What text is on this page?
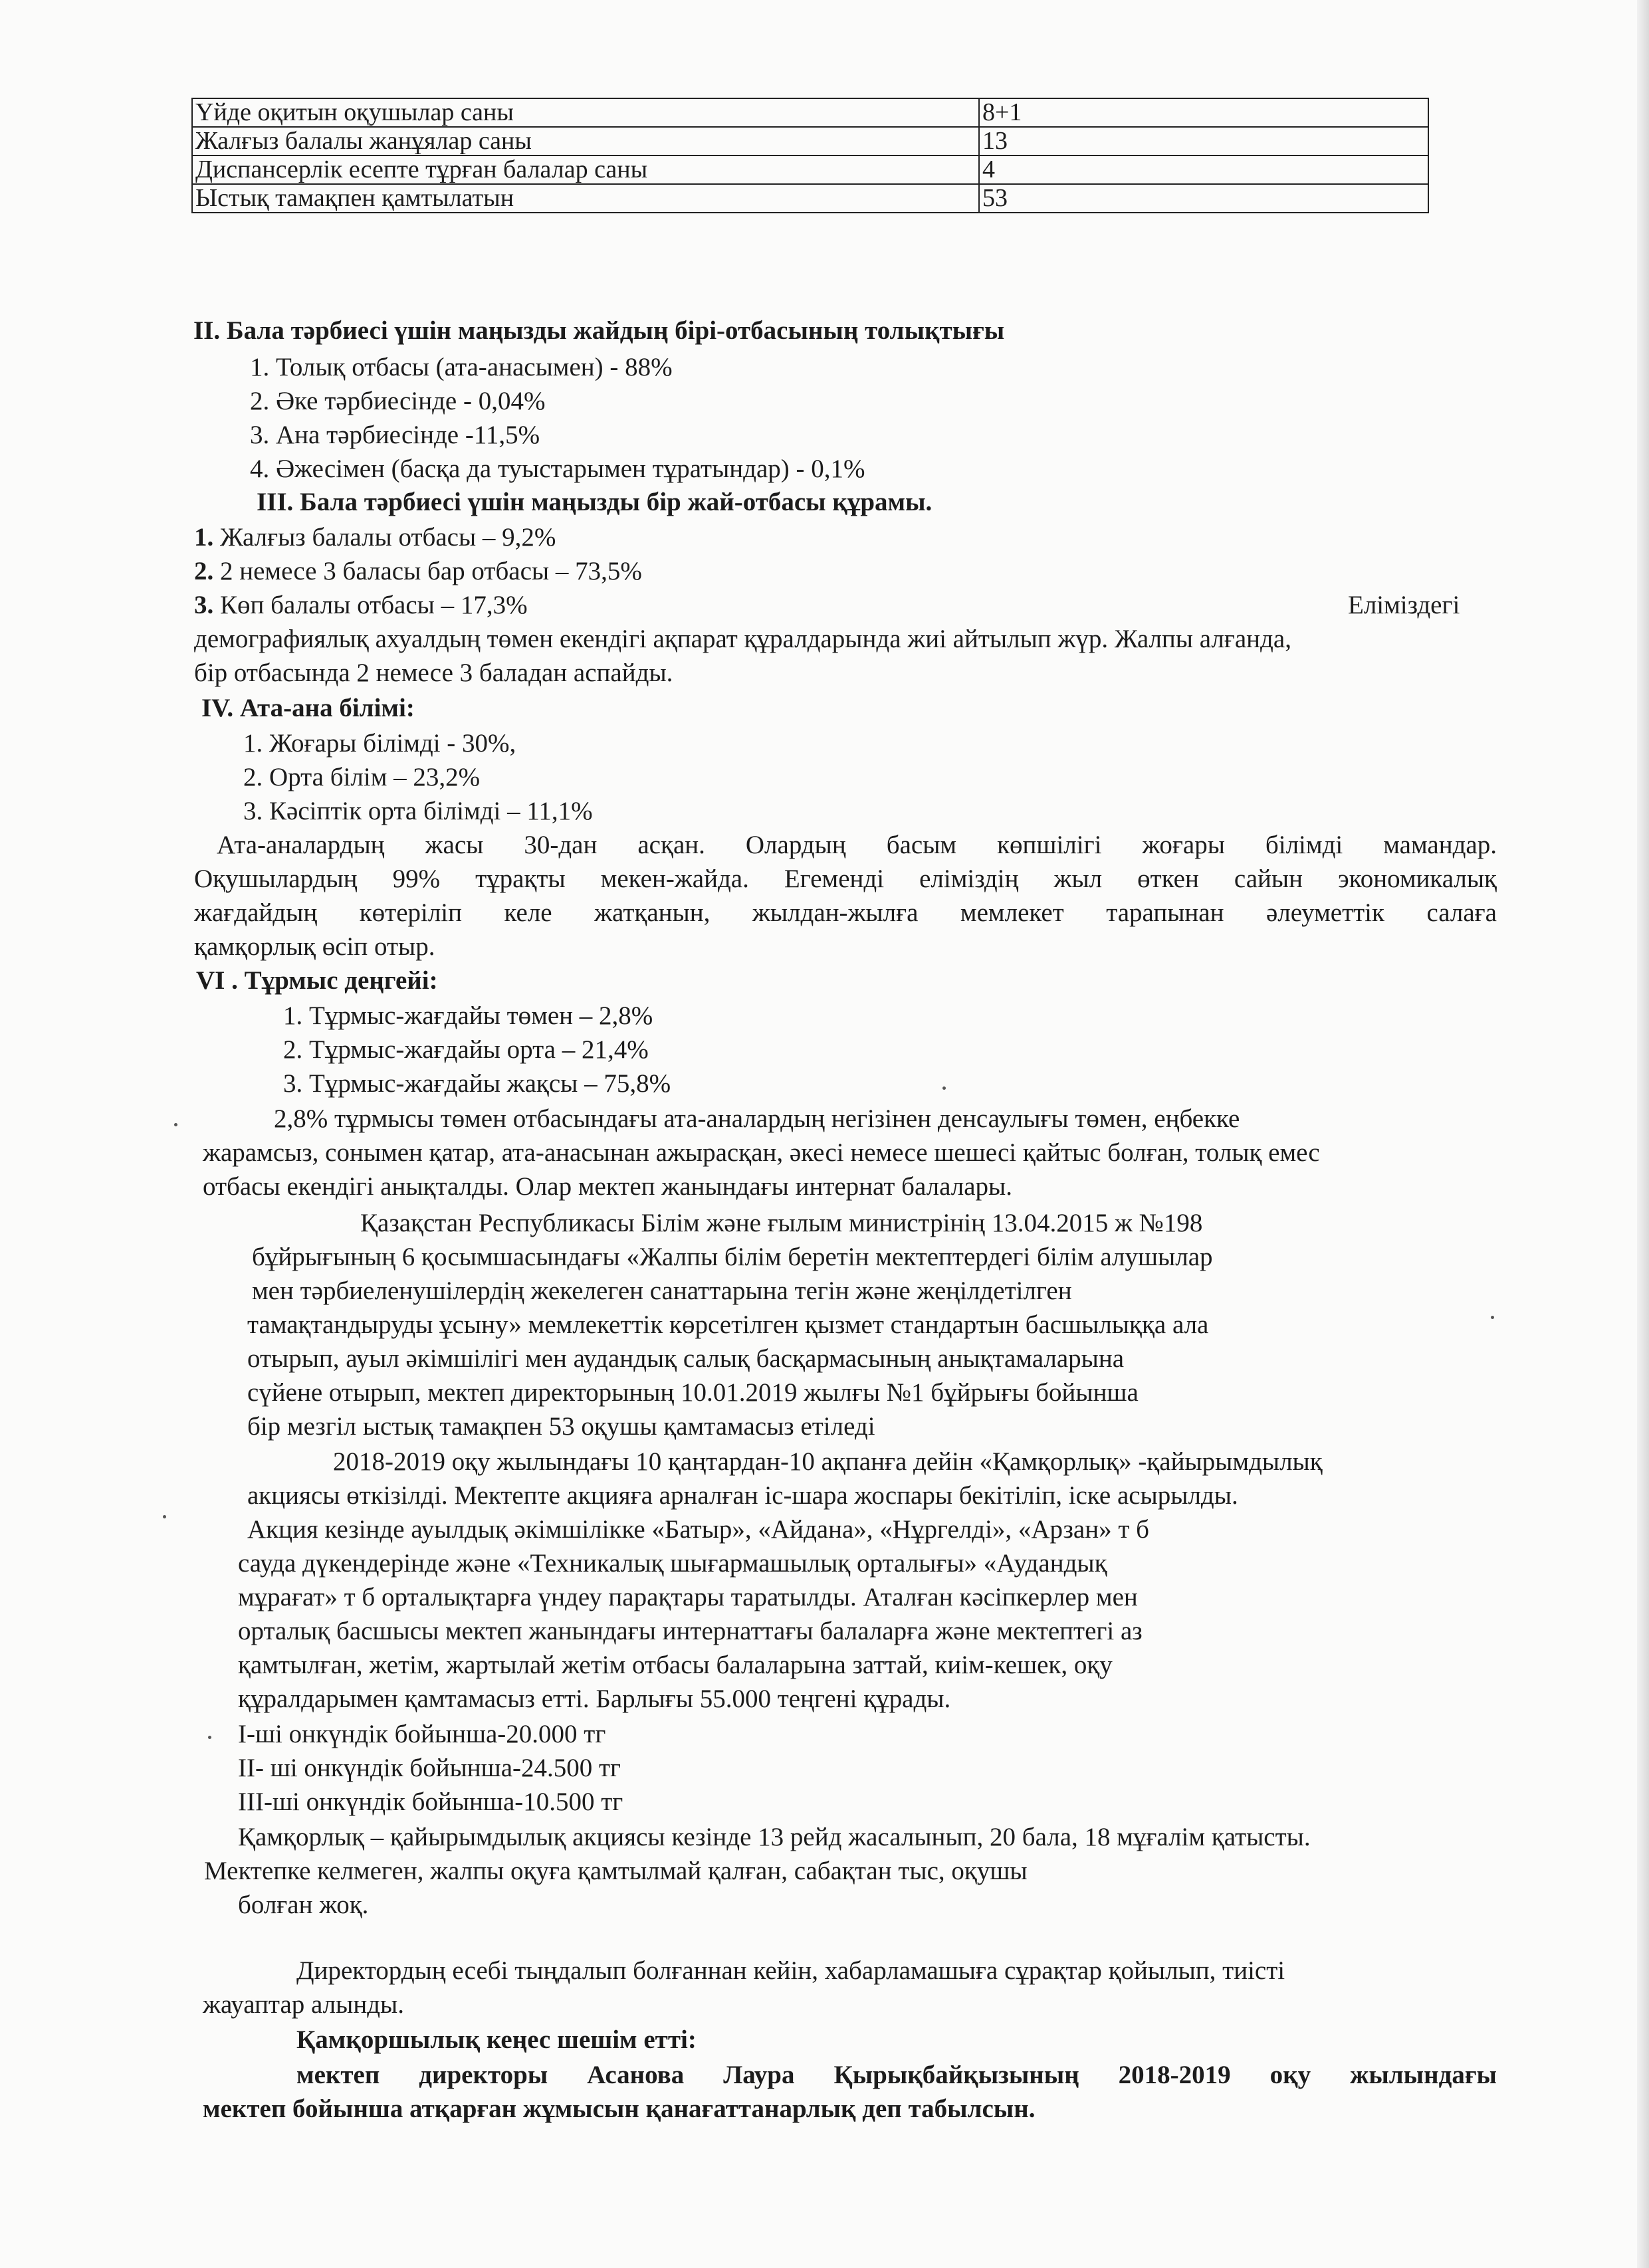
Үйде оқитын оқушылар саны	8+1
Жалғыз балалы жанұялар саны	13
Диспансерлік есепте тұрған балалар саны	4
Ыстық тамақпен қамтылатын	53
II. Бала тәрбиесі үшін маңызды жайдың бірі-отбасының толықтығы
1. Толық отбасы (ата-анасымен) - 88%
2. Әке тәрбиесінде - 0,04%
3. Ана тәрбиесінде -11,5%
4. Әжесімен (басқа да туыстарымен тұратындар) - 0,1%
III. Бала тәрбиесі үшін маңызды бір жай-отбасы құрамы.
1. Жалғыз балалы отбасы – 9,2%
2. 2 немесе 3 баласы бар отбасы – 73,5%
3. Көп балалы отбасы – 17,3%	Еліміздегі
демографиялық ахуалдың төмен екендігі ақпарат құралдарында жиі айтылып жүр. Жалпы алғанда,
бір отбасында 2 немесе 3 баладан аспайды.
IV. Ата-ана білімі:
1. Жоғары білімді - 30%,
2. Орта білім – 23,2%
3. Кәсіптік орта білімді – 11,1%
Ата-аналардың жасы 30-дан асқан. Олардың басым көпшілігі жоғары білімді мамандар.
Оқушылардың 99% тұрақты мекен-жайда. Егеменді еліміздің жыл өткен сайын экономикалық
жағдайдың көтеріліп келе жатқанын, жылдан-жылға мемлекет тарапынан әлеуметтік салаға
қамқорлық өсіп отыр.
VI . Тұрмыс деңгейі:
1. Тұрмыс-жағдайы төмен – 2,8%
2. Тұрмыс-жағдайы орта – 21,4%
3. Тұрмыс-жағдайы жақсы – 75,8%
2,8% тұрмысы төмен отбасындағы ата-аналардың негізінен денсаулығы төмен, еңбекке
жарамсыз, сонымен қатар, ата-анасынан ажырасқан, әкесі немесе шешесі қайтыс болған, толық емес
отбасы екендігі анықталды. Олар мектеп жанындағы интернат балалары.
Қазақстан Республикасы Білім және ғылым министрінің 13.04.2015 ж №198
бұйрығының 6 қосымшасындағы «Жалпы білім беретін мектептердегі білім алушылар
мен тәрбиеленушілердің жекелеген санаттарына тегін және жеңілдетілген
тамақтандыруды ұсыну» мемлекеттік көрсетілген қызмет стандартын басшылыққа ала
отырып, ауыл әкімшілігі мен аудандық салық басқармасының анықтамаларына
сүйене отырып, мектеп директорының 10.01.2019 жылғы №1 бұйрығы бойынша
бір мезгіл ыстық тамақпен 53 оқушы қамтамасыз етіледі
2018-2019 оқу жылындағы 10 қаңтардан-10 ақпанға дейін «Қамқорлық» -қайырымдылық
акциясы өткізілді. Мектепте акцияға арналған іс-шара жоспары бекітіліп, іске асырылды.
Акция кезінде ауылдық әкімшілікке «Батыр», «Айдана», «Нұргелді», «Арзан» т б
сауда дүкендерінде және «Техникалық шығармашылық орталығы» «Аудандық
мұрағат» т б орталықтарға үндеу парақтары таратылды. Аталған кәсіпкерлер мен
орталық басшысы мектеп жанындағы интернаттағы балаларға және мектептегі аз
қамтылған, жетім, жартылай жетім отбасы балаларына заттай, киім-кешек, оқу
құралдарымен қамтамасыз етті. Барлығы 55.000 теңгені құрады.
І-ші онкүндік бойынша-20.000 тг
ІІ- ші онкүндік бойынша-24.500 тг
ІІІ-ші онкүндік бойынша-10.500 тг
Қамқорлық – қайырымдылық акциясы кезінде 13 рейд жасалынып, 20 бала, 18 мұғалім қатысты.
Мектепке келмеген, жалпы оқуға қамтылмай қалған, сабақтан тыс, оқушы
болған жоқ.
Директордың есебі тыңдалып болғаннан кейін, хабарламашыға сұрақтар қойылып, тиісті
жауаптар алынды.
Қамқоршылық кеңес шешім етті:
мектеп директоры Асанова Лаура Қырықбайқызының 2018-2019 оқу жылындағы
мектеп бойынша атқарған жұмысын қанағаттанарлық деп табылсын.
